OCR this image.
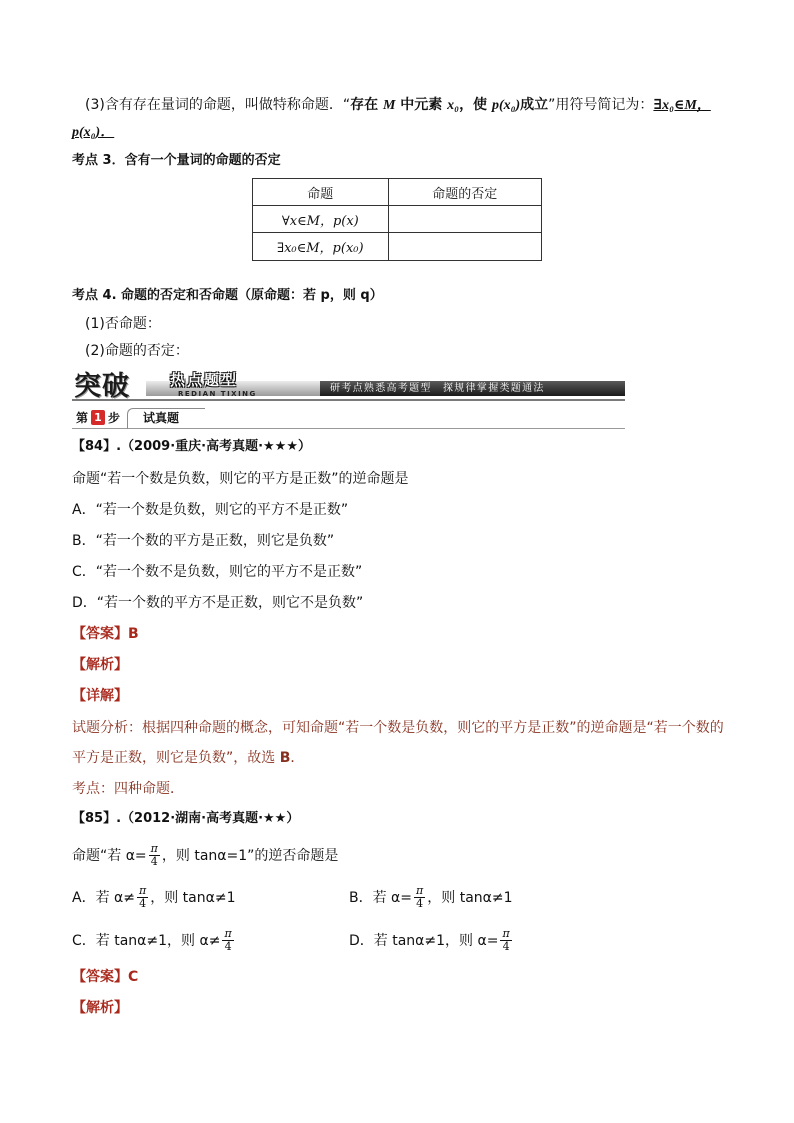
(3)含有存在量词的命题，叫做特称命题．“存在 M 中元素 x₀，使 p(x₀)成立”用符号简记为：∃x₀∈M，
p(x₀)．
考点 3．含有一个量词的命题的否定
命题	命题的否定
∀x∈M，p(x)	
∃x₀∈M，p(x₀)	
考点 4. 命题的否定和否命题（原命题：若 p，则 q）
(1)否命题：
(2)命题的否定：
突破	热点题型
REDIAN TIXING	研考点熟悉高考题型　探规律掌握类题通法
第 1 步 试真题
【84】.（2009·重庆·高考真题·★★★）
命题“若一个数是负数，则它的平方是正数”的逆命题是
A．“若一个数是负数，则它的平方不是正数”
B．“若一个数的平方是正数，则它是负数”
C．“若一个数不是负数，则它的平方不是正数”
D．“若一个数的平方不是正数，则它不是负数”
【答案】B
【解析】
【详解】
试题分析：根据四种命题的概念，可知命题“若一个数是负数，则它的平方是正数”的逆命题是“若一个数的
平方是正数，则它是负数”，故选 B．
考点：四种命题．
【85】.（2012·湖南·高考真题·★★）
命题“若 $\alpha= \frac{\pi}{4}$ ，则 tanα=1”的逆否命题是
A．若 $\alpha\ne \frac{\pi}{4}$ ，则 tanα≠1	B．若 $\alpha= \frac{\pi}{4}$ ，则 tanα≠1
C．若 tanα≠1，则 $\alpha\ne \frac{\pi}{4}$	D．若 tanα≠1，则 $\alpha= \frac{\pi}{4}$
【答案】C
【解析】
